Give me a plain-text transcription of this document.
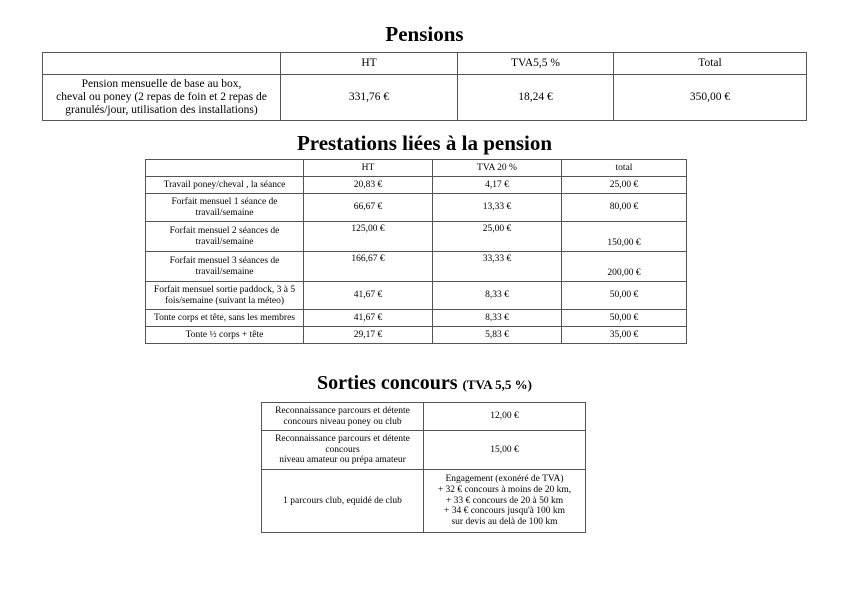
Pensions
	HT	TVA5,5 %	Total
Pension mensuelle de base au box,
cheval ou poney (2 repas de foin et 2 repas de
granulés/jour, utilisation des installations)	331,76 €	18,24 €	350,00 €
Prestations liées à la pension
	HT	TVA 20 %	total
Travail poney/cheval , la séance	20,83 €	4,17 €	25,00 €
Forfait mensuel 1 séance de
travail/semaine	66,67 €	13,33 €	80,00 €
Forfait mensuel 2 séances de
travail/semaine	125,00 €	25,00 €	150,00 €
Forfait mensuel 3 séances de
travail/semaine	166,67 €	33,33 €	200,00 €
Forfait mensuel sortie paddock, 3 à 5
fois/semaine (suivant la méteo)	41,67 €	8,33 €	50,00 €
Tonte corps et tête, sans les membres	41,67 €	8,33 €	50,00 €
Tonte ½ corps + tête	29,17 €	5,83 €	35,00 €
Sorties concours (TVA 5,5 %)
Reconnaissance parcours et détente
concours niveau poney ou club	12,00 €
Reconnaissance parcours et détente
concours
niveau amateur ou prépa amateur	15,00 €
1 parcours club, equidé de club	Engagement (exonéré de TVA)
+ 32 € concours à moins de 20 km,
+ 33 € concours de 20 à 50 km
+ 34 € concours jusqu'à 100 km
sur devis au delà de 100 km
